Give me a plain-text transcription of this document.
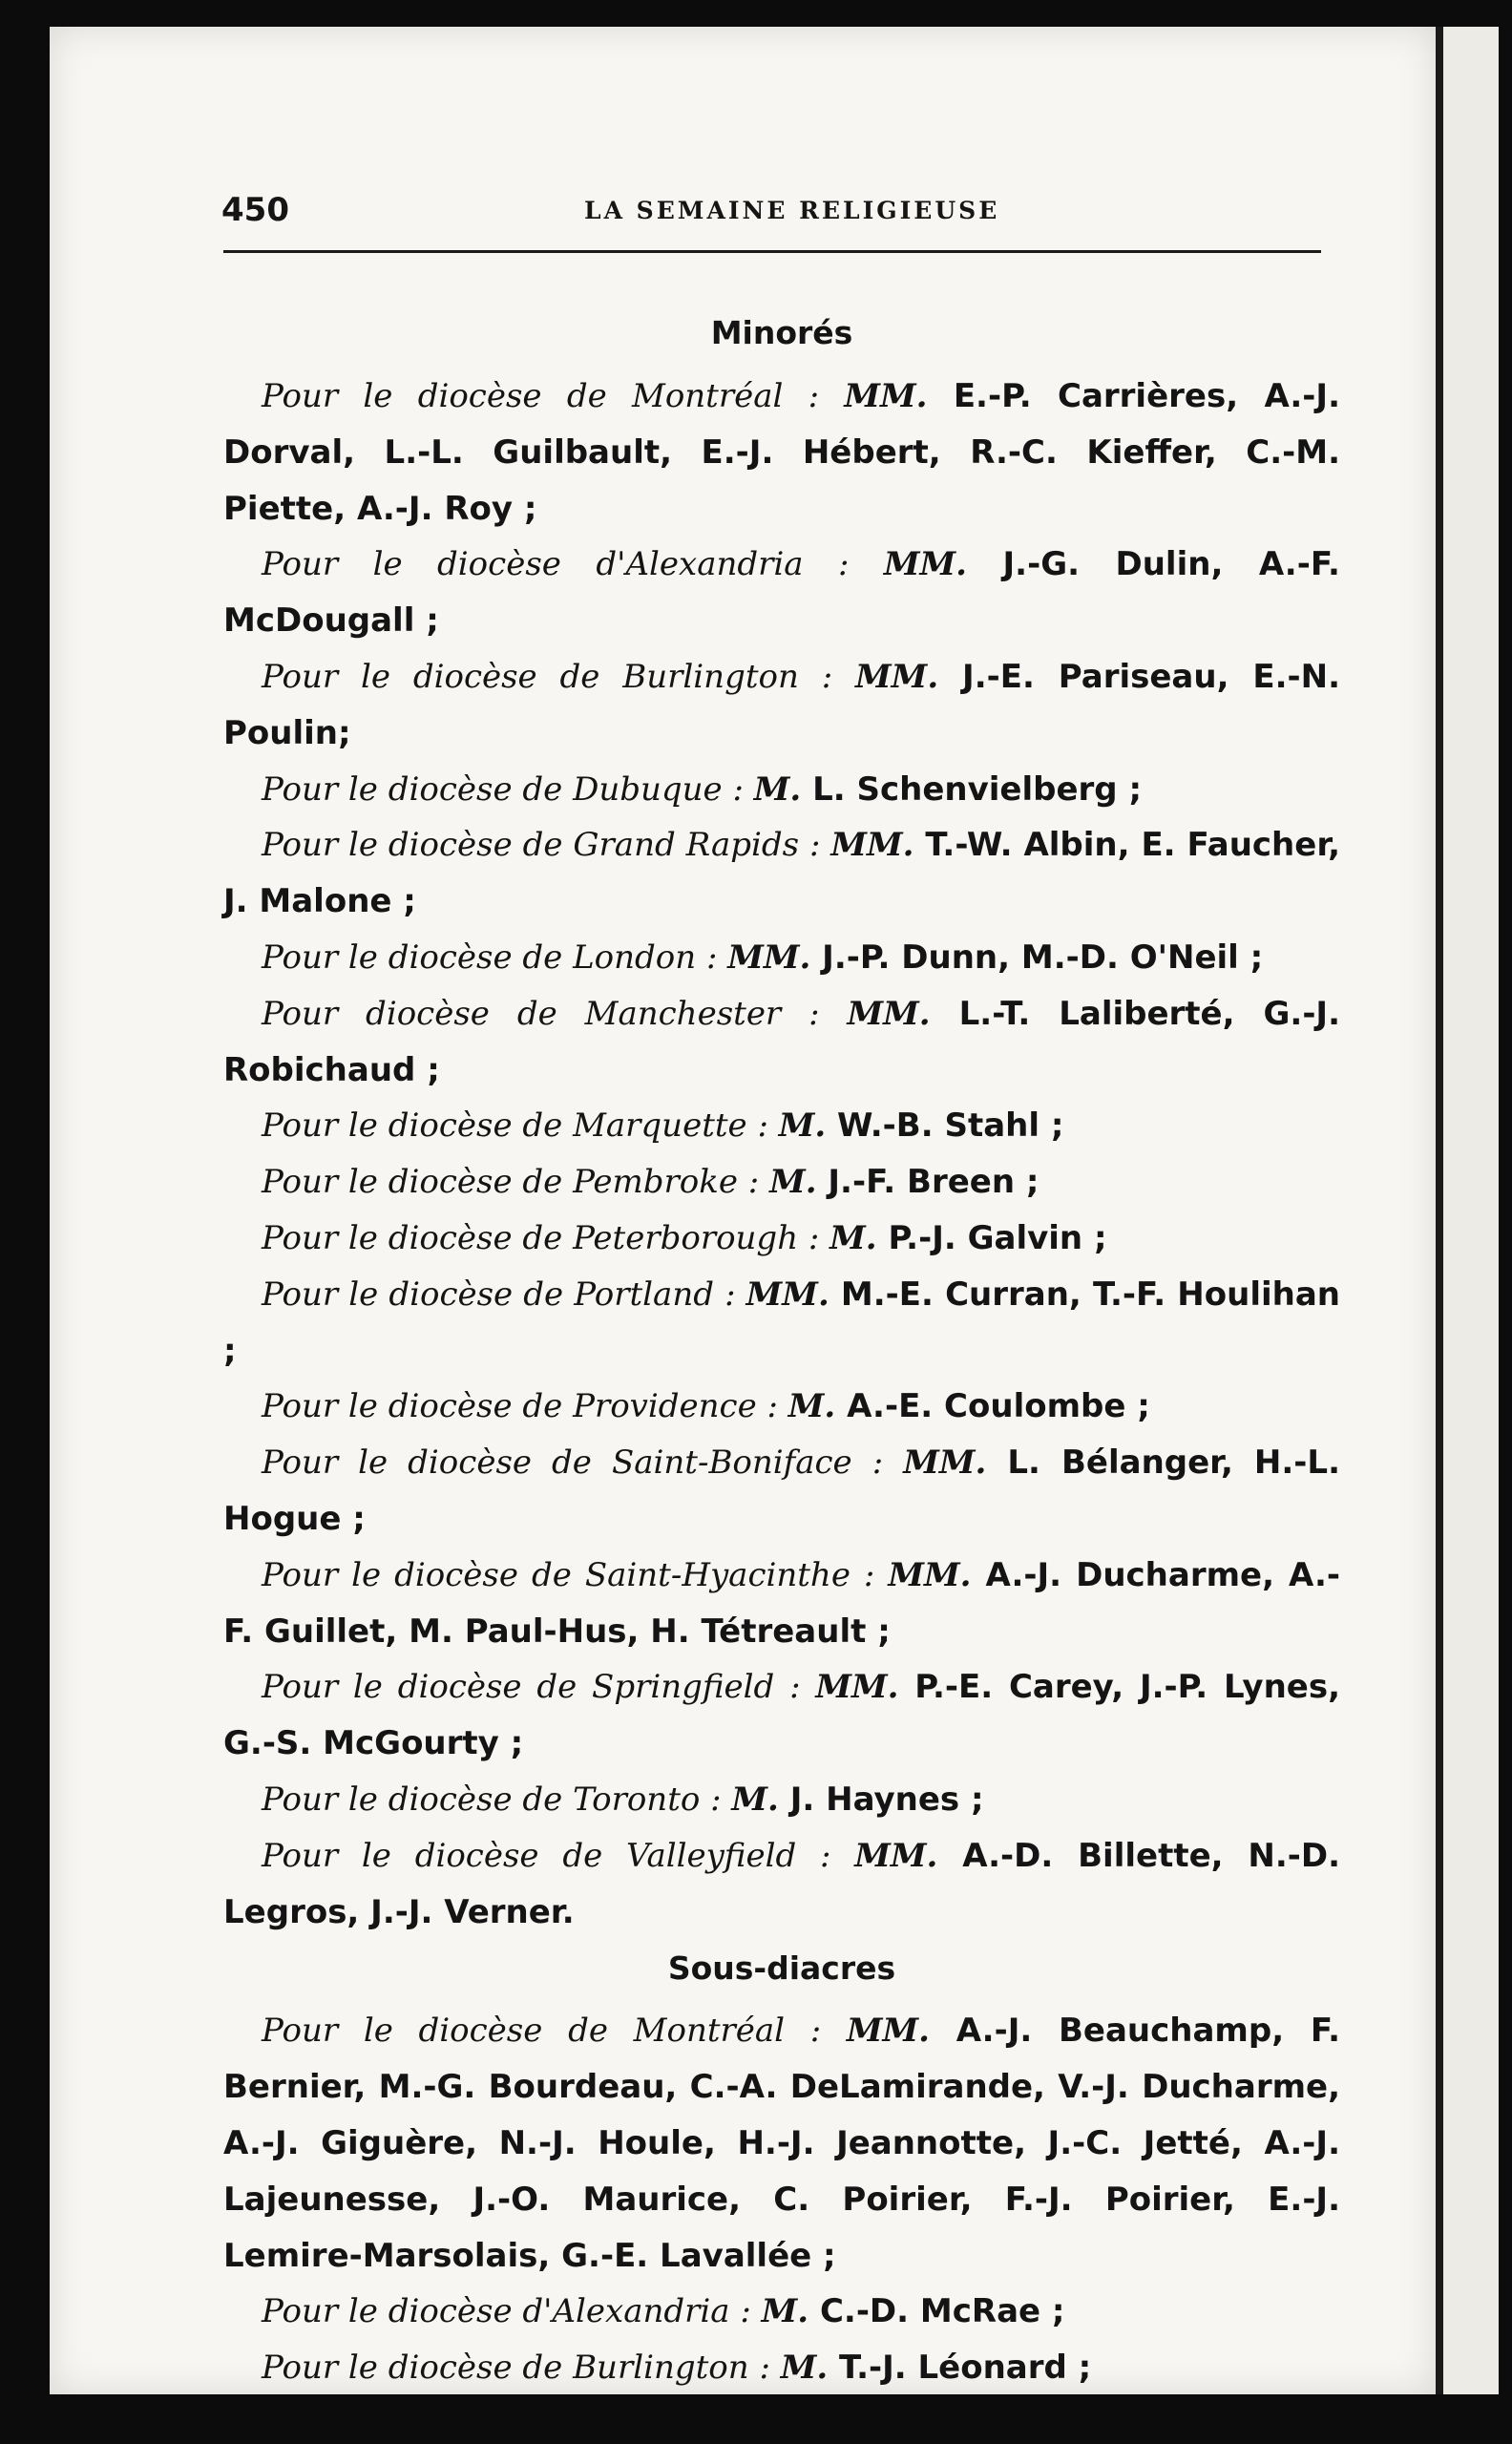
450	LA SEMAINE RELIGIEUSE
Minorés

Pour le diocèse de Montréal : MM. E.-P. Carrières, A.-J. Dorval, L.-L. Guilbault, E.-J. Hébert, R.-C. Kieffer, C.-M. Piette, A.-J. Roy ;

Pour le diocèse d'Alexandria : MM. J.-G. Dulin, A.-F. McDougall ;

Pour le diocèse de Burlington : MM. J.-E. Pariseau, E.-N. Poulin;

Pour le diocèse de Dubuque : M. L. Schenvielberg ;

Pour le diocèse de Grand Rapids : MM. T.-W. Albin, E. Faucher, J. Malone ;

Pour le diocèse de London : MM. J.-P. Dunn, M.-D. O'Neil ;

Pour diocèse de Manchester : MM. L.-T. Laliberté, G.-J. Robichaud ;

Pour le diocèse de Marquette : M. W.-B. Stahl ;

Pour le diocèse de Pembroke : M. J.-F. Breen ;

Pour le diocèse de Peterborough : M. P.-J. Galvin ;

Pour le diocèse de Portland : MM. M.-E. Curran, T.-F. Houlihan ;

Pour le diocèse de Providence : M. A.-E. Coulombe ;

Pour le diocèse de Saint-Boniface : MM. L. Bélanger, H.-L. Hogue ;

Pour le diocèse de Saint-Hyacinthe : MM. A.-J. Ducharme, A.-F. Guillet, M. Paul-Hus, H. Tétreault ;

Pour le diocèse de Springfield : MM. P.-E. Carey, J.-P. Lynes, G.-S. McGourty ;

Pour le diocèse de Toronto : M. J. Haynes ;

Pour le diocèse de Valleyfield : MM. A.-D. Billette, N.-D. Legros, J.-J. Verner.

Sous-diacres

Pour le diocèse de Montréal : MM. A.-J. Beauchamp, F. Bernier, M.-G. Bourdeau, C.-A. DeLamirande, V.-J. Ducharme, A.-J. Giguère, N.-J. Houle, H.-J. Jeannotte, J.-C. Jetté, A.-J. Lajeunesse, J.-O. Maurice, C. Poirier, F.-J. Poirier, E.-J. Lemire-Marsolais, G.-E. Lavallée ;

Pour le diocèse d'Alexandria : M. C.-D. McRae ;

Pour le diocèse de Burlington : M. T.-J. Léonard ;
